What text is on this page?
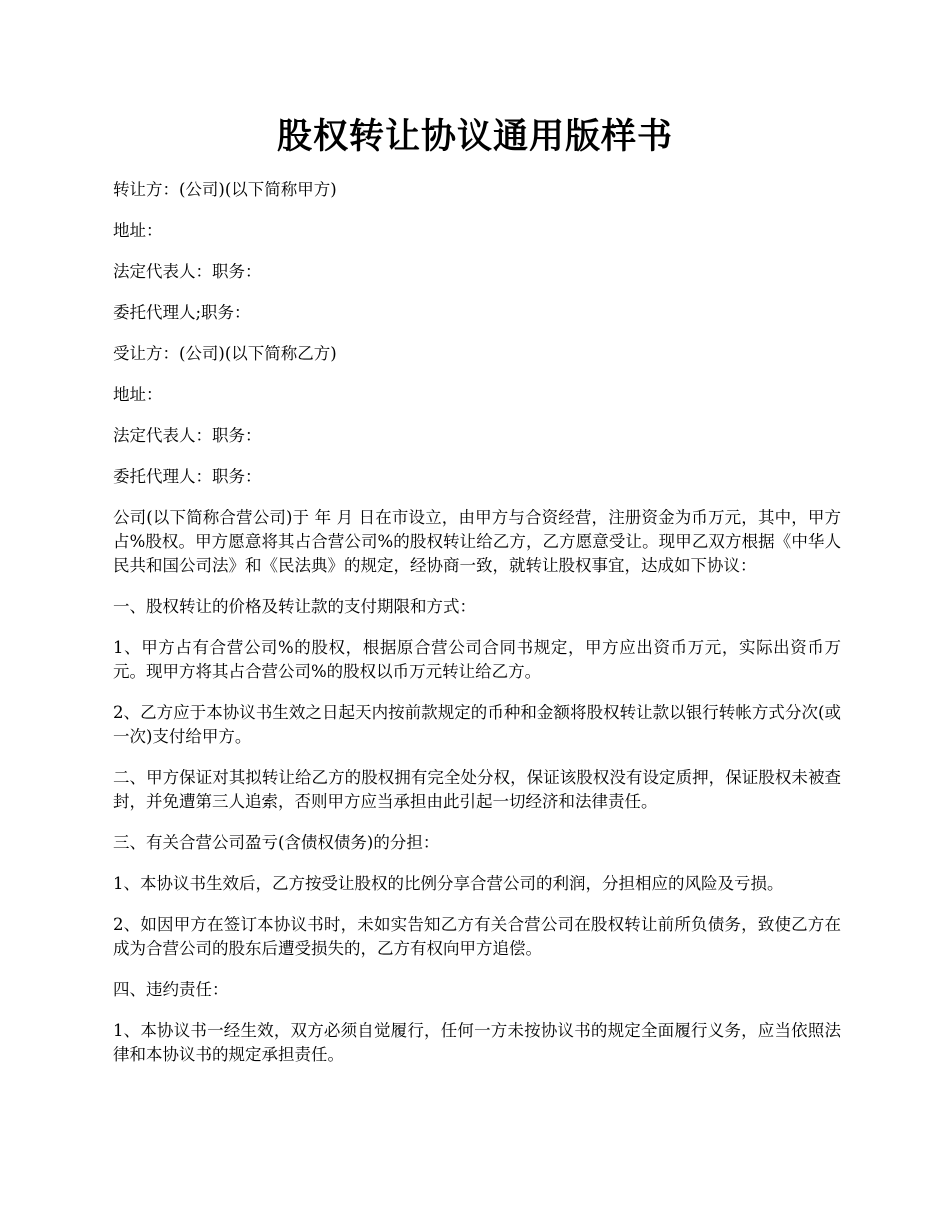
股权转让协议通用版样书

转让方：(公司)(以下简称甲方)

地址：

法定代表人：职务：

委托代理人;职务：

受让方：(公司)(以下简称乙方)

地址：

法定代表人：职务：

委托代理人：职务：

公司(以下简称合营公司)于 年 月 日在市设立，由甲方与合资经营，注册资金为币万元，其中，甲方占%股权。甲方愿意将其占合营公司%的股权转让给乙方，乙方愿意受让。现甲乙双方根据《中华人民共和国公司法》和《民法典》的规定，经协商一致，就转让股权事宜，达成如下协议：

一、股权转让的价格及转让款的支付期限和方式：

1、甲方占有合营公司%的股权，根据原合营公司合同书规定，甲方应出资币万元，实际出资币万元。现甲方将其占合营公司%的股权以币万元转让给乙方。

2、乙方应于本协议书生效之日起天内按前款规定的币种和金额将股权转让款以银行转帐方式分次(或一次)支付给甲方。

二、甲方保证对其拟转让给乙方的股权拥有完全处分权，保证该股权没有设定质押，保证股权未被查封，并免遭第三人追索，否则甲方应当承担由此引起一切经济和法律责任。

三、有关合营公司盈亏(含债权债务)的分担：

1、本协议书生效后，乙方按受让股权的比例分享合营公司的利润，分担相应的风险及亏损。

2、如因甲方在签订本协议书时，未如实告知乙方有关合营公司在股权转让前所负债务，致使乙方在成为合营公司的股东后遭受损失的，乙方有权向甲方追偿。

四、违约责任：

1、本协议书一经生效，双方必须自觉履行，任何一方未按协议书的规定全面履行义务，应当依照法律和本协议书的规定承担责任。
